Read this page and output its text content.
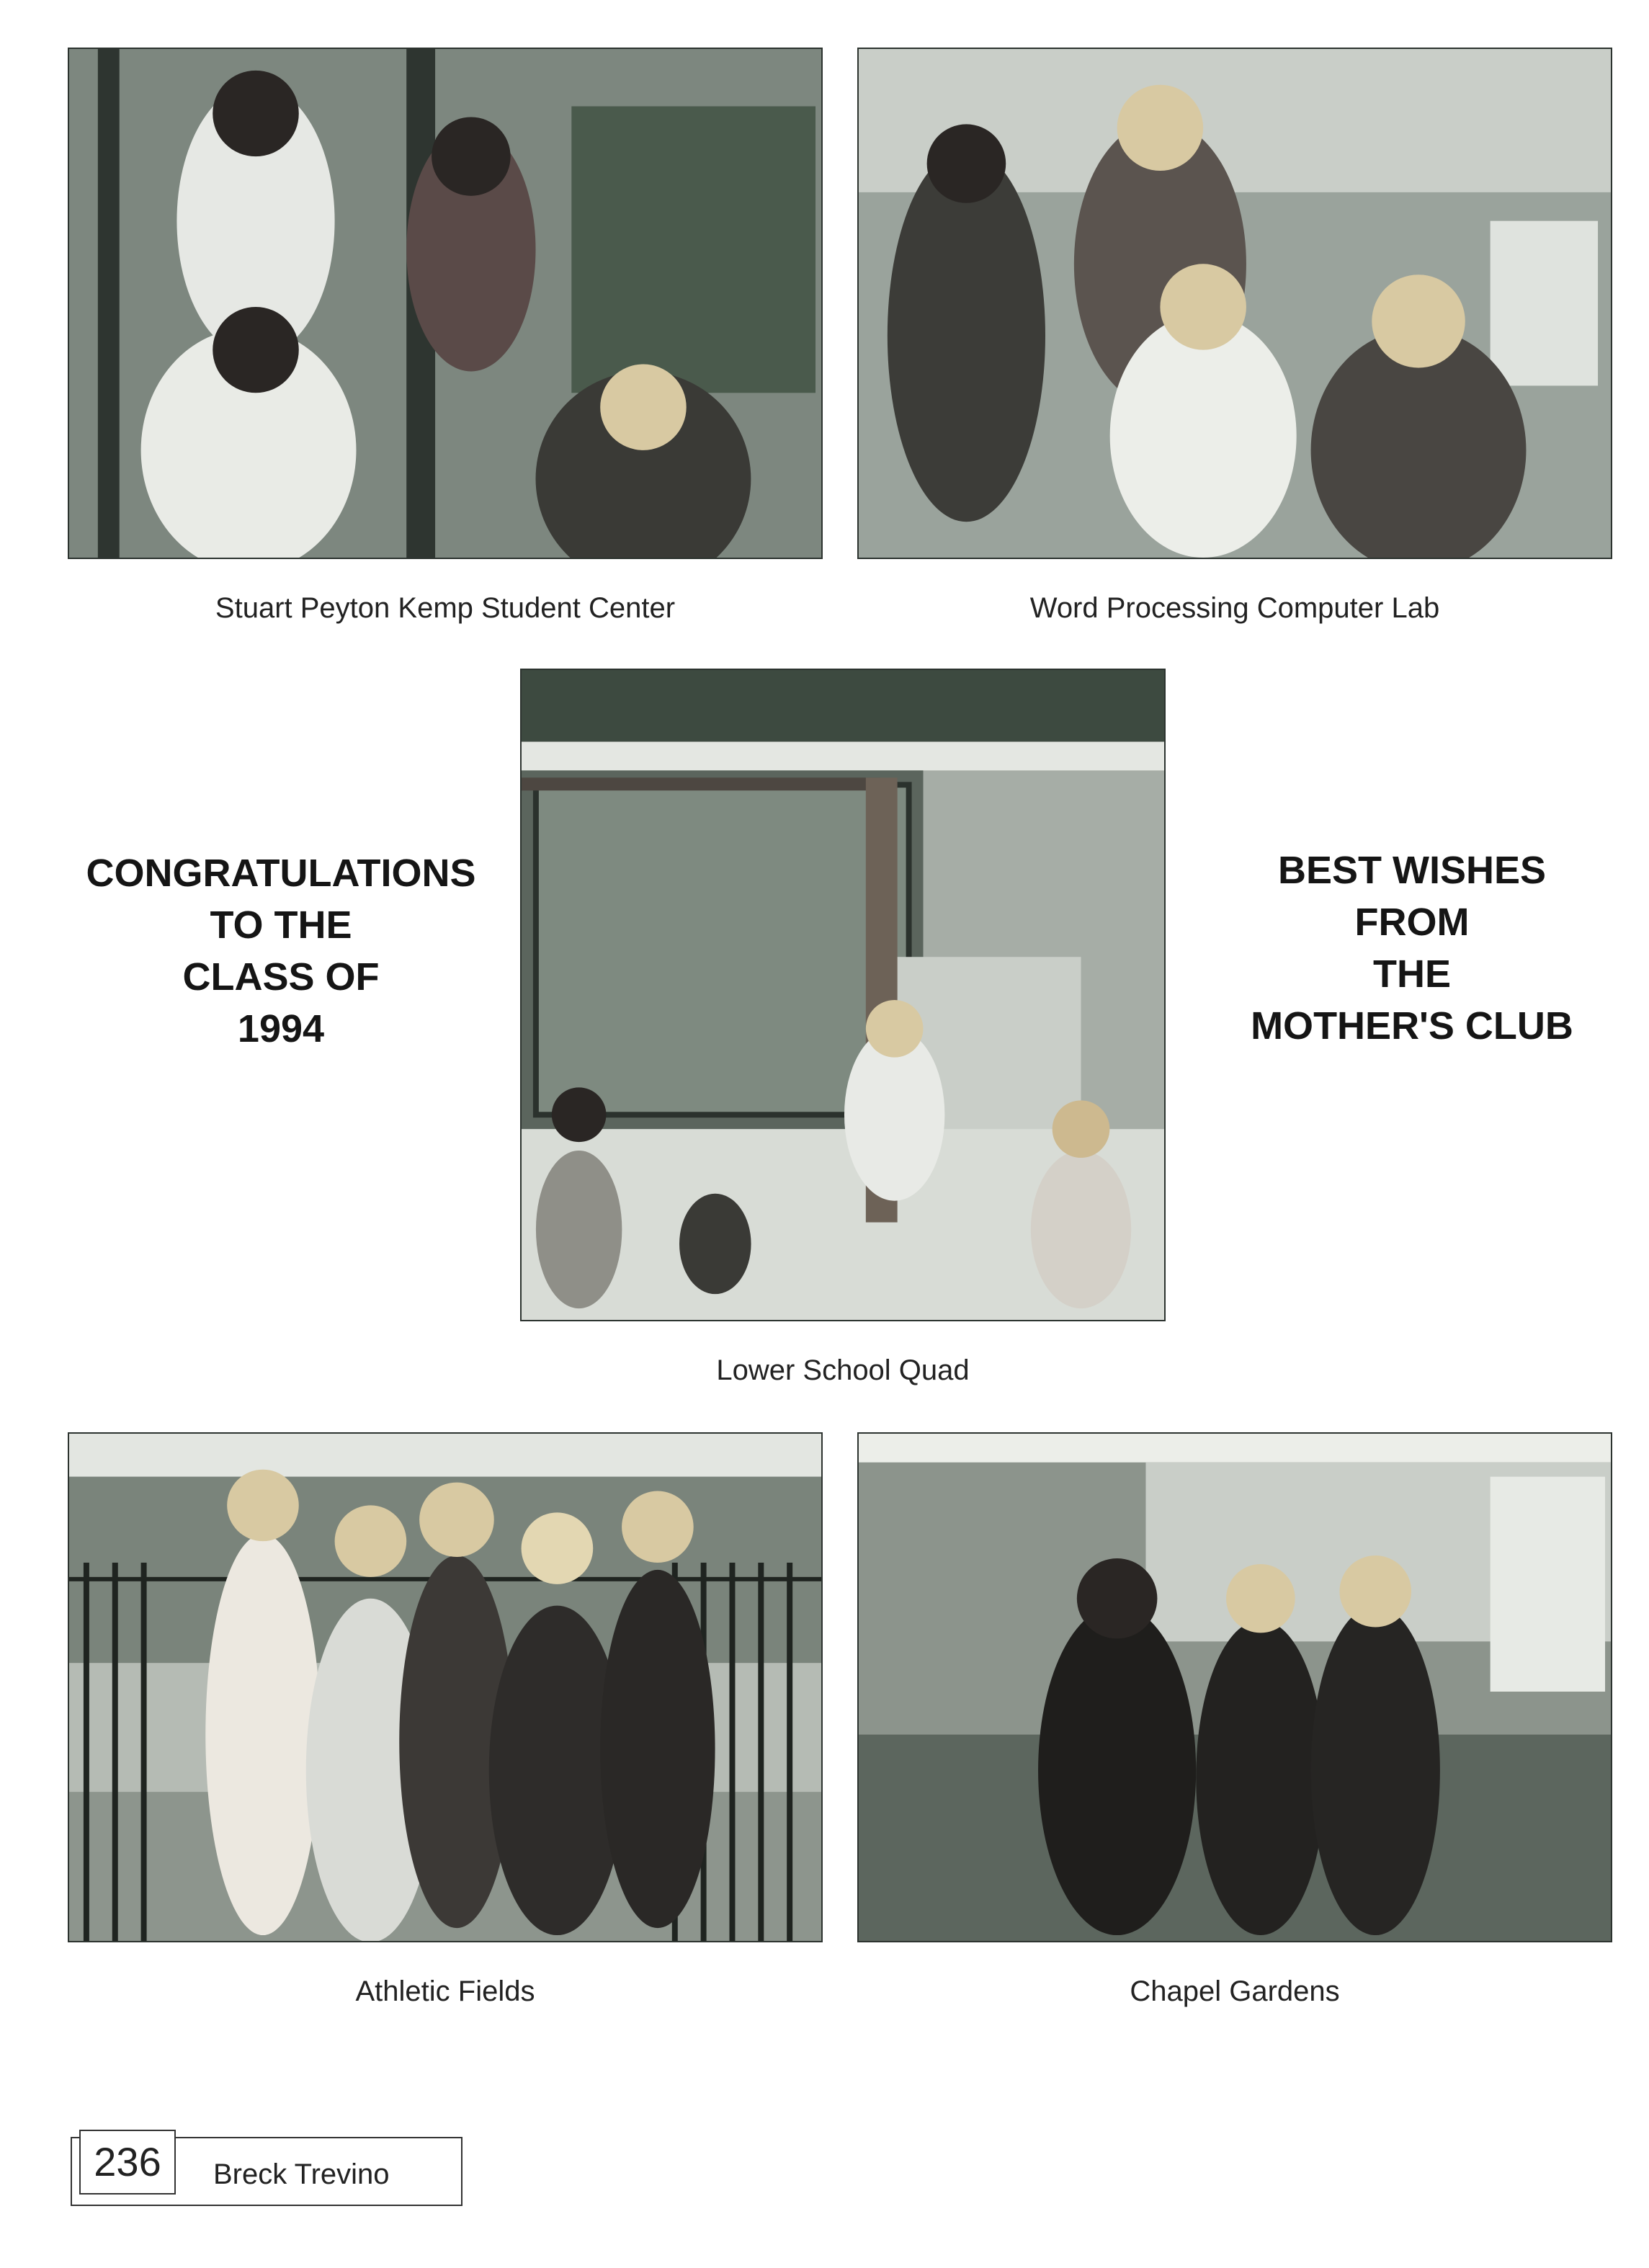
Stuart Peyton Kemp Student Center	Word Processing Computer Lab
CONGRATULATIONS
TO THE
CLASS OF
1994
Lower School Quad
BEST WISHES
FROM
THE
MOTHER'S CLUB
Athletic Fields	Chapel Gardens
236	Breck Trevino
